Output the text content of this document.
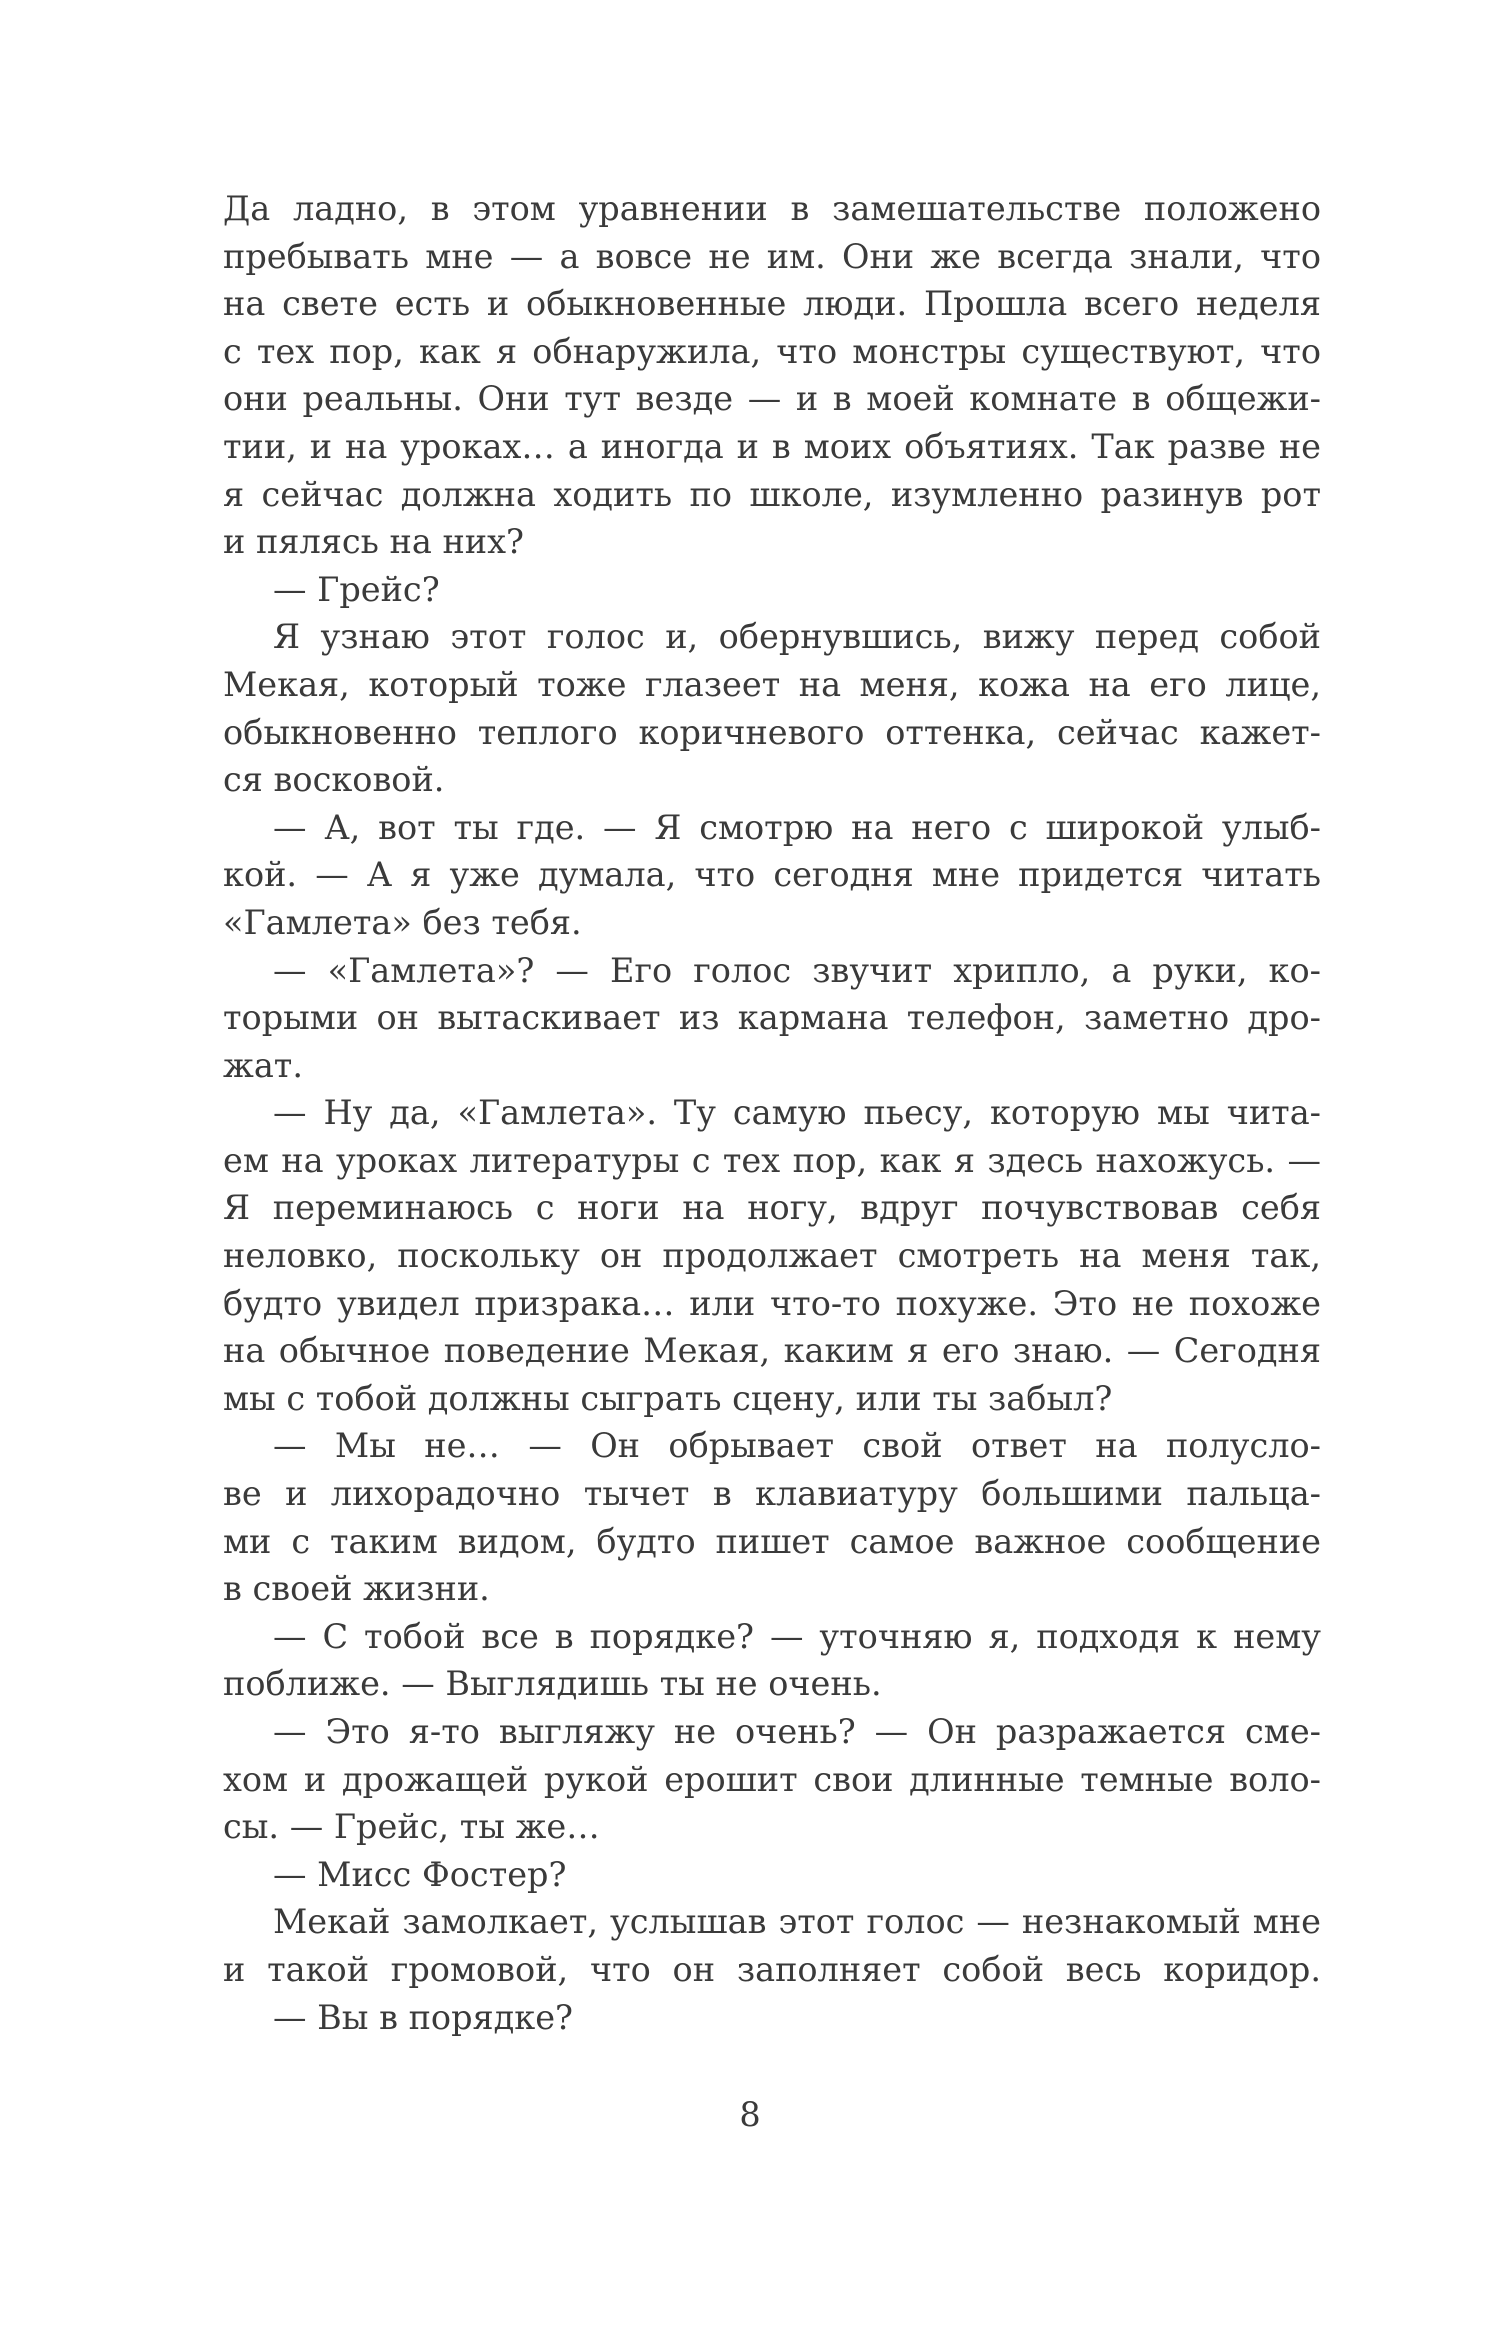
Да ладно, в этом уравнении в замешательстве положено
пребывать мне — а вовсе не им. Они же всегда знали, что
на свете есть и обыкновенные люди. Прошла всего неделя
с тех пор, как я обнаружила, что монстры существуют, что
они реальны. Они тут везде — и в моей комнате в общежи-
тии, и на уроках… а иногда и в моих объятиях. Так разве не
я сейчас должна ходить по школе, изумленно разинув рот
и пялясь на них?
— Грейс?
Я узнаю этот голос и, обернувшись, вижу перед собой
Мекая, который тоже глазеет на меня, кожа на его лице,
обыкновенно теплого коричневого оттенка, сейчас кажет-
ся восковой.
— А, вот ты где. — Я смотрю на него с широкой улыб-
кой. — А я уже думала, что сегодня мне придется читать
«Гамлета» без тебя.
— «Гамлета»? — Его голос звучит хрипло, а руки, ко-
торыми он вытаскивает из кармана телефон, заметно дро-
жат.
— Ну да, «Гамлета». Ту самую пьесу, которую мы чита-
ем на уроках литературы с тех пор, как я здесь нахожусь. —
Я переминаюсь с ноги на ногу, вдруг почувствовав себя
неловко, поскольку он продолжает смотреть на меня так,
будто увидел призрака… или что-то похуже. Это не похоже
на обычное поведение Мекая, каким я его знаю. — Сегодня
мы с тобой должны сыграть сцену, или ты забыл?
— Мы не… — Он обрывает свой ответ на полусло-
ве и лихорадочно тычет в клавиатуру большими пальца-
ми с таким видом, будто пишет самое важное сообщение
в своей жизни.
— С тобой все в порядке? — уточняю я, подходя к нему
поближе. — Выглядишь ты не очень.
— Это я-то выгляжу не очень? — Он разражается сме-
хом и дрожащей рукой ерошит свои длинные темные воло-
сы. — Грейс, ты же…
— Мисс Фостер?
Мекай замолкает, услышав этот голос — незнакомый мне
и такой громовой, что он заполняет собой весь коридор.
— Вы в порядке?
8
